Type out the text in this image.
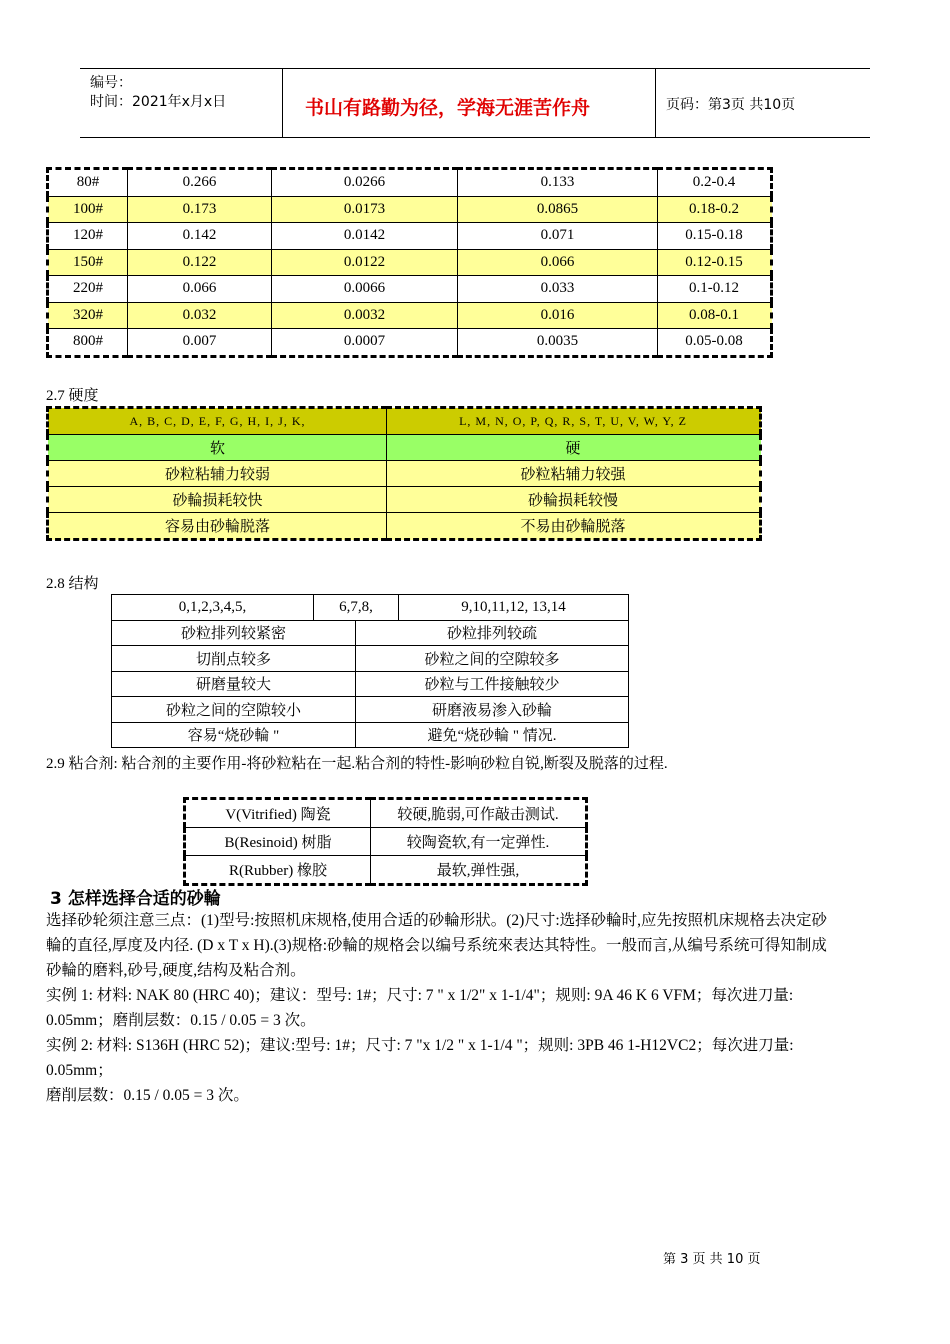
编号：
时间：2021年x月x日	书山有路勤为径，学海无涯苦作舟	页码：第3页 共10页
80#	0.266	0.0266	0.133	0.2-0.4
100#	0.173	0.0173	0.0865	0.18-0.2
120#	0.142	0.0142	0.071	0.15-0.18
150#	0.122	0.0122	0.066	0.12-0.15
220#	0.066	0.0066	0.033	0.1-0.12
320#	0.032	0.0032	0.016	0.08-0.1
800#	0.007	0.0007	0.0035	0.05-0.08
2.7 硬度
A, B, C, D, E, F, G, H, I, J, K,	L, M, N, O, P, Q, R, S, T, U, V, W, Y, Z
软	硬
砂粒粘辅力较弱	砂粒粘辅力较强
砂輪损耗较快	砂輪损耗较慢
容易由砂輪脱落	不易由砂輪脱落
2.8 结构
0,1,2,3,4,5,	6,7,8,		9,10,11,12, 13,14
砂粒排列较紧密		砂粒排列较疏	
切削点较多		砂粒之间的空隙较多	
研磨量较大		砂粒与工件接触较少	
砂粒之间的空隙较小		研磨液易渗入砂輪	
容易“烧砂輪 "		避免“烧砂輪 " 情况.	
2.9 粘合剂: 粘合剂的主要作用-将砂粒粘在一起.粘合剂的特性-影响砂粒自锐,断裂及脱落的过程.
V(Vitrified) 陶瓷	较硬,脆弱,可作敲击测试.
B(Resinoid) 树脂	较陶瓷软,有一定弹性.
R(Rubber) 橡胶	最软,弹性强,
3 怎样选择合适的砂輪
选择砂轮须注意三点：(1)型号:按照机床规格,使用合适的砂輪形狀。(2)尺寸:选择砂輪时,应先按照机床规格去决定砂
輪的直径,厚度及内径. (D x T x H).(3)规格:砂輪的规格会以编号系统來表达其特性。一般而言,从编号系统可得知制成
砂輪的磨料,砂号,硬度,结构及粘合剂。
实例 1: 材料: NAK 80 (HRC 40)；建议：型号: 1#；尺寸: 7 " x 1/2" x 1-1/4"；规则: 9A 46 K 6 VFM；每次进刀量:
0.05mm；磨削层数：0.15 / 0.05 = 3 次。
实例 2: 材料: S136H (HRC 52)；建议:型号: 1#；尺寸: 7 "x 1/2 " x 1-1/4 "；规则: 3PB 46 1-H12VC2；每次进刀量:
0.05mm；
磨削层数：0.15 / 0.05 = 3 次。
第 3 页 共 10 页
